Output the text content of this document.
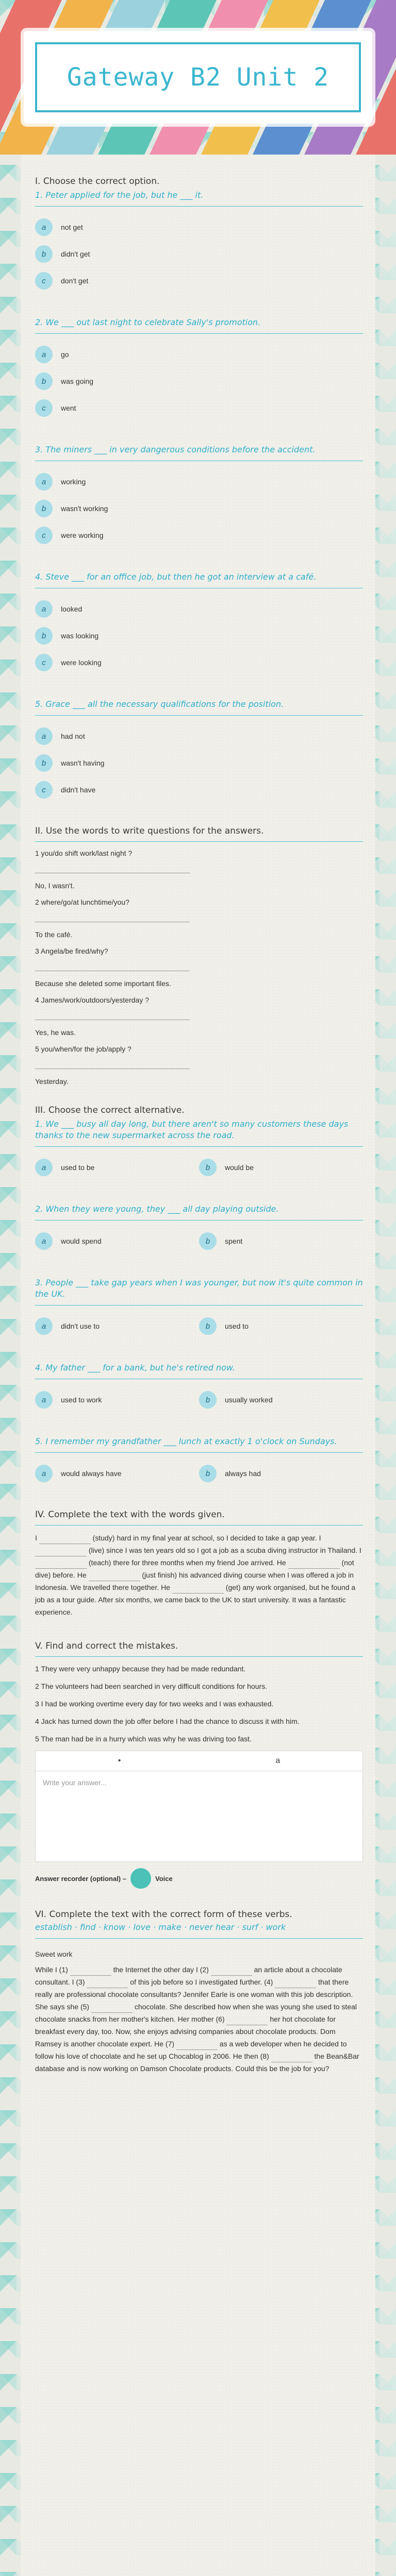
Gateway B2 Unit 2
I. Choose the correct option.
1. Peter applied for the job, but he ___ it.
a	not get
b	didn't get
c	don't get
2. We ___ out last night to celebrate Sally's promotion.
a	go
b	was going
c	went
3. The miners ___ in very dangerous conditions before the accident.
a	working
b	wasn't working
c	were working
4. Steve ___ for an office job, but then he got an interview at a café.
a	looked
b	was looking
c	were looking
5. Grace ___ all the necessary qualifications for the position.
a	had not
b	wasn't having
c	didn't have
II. Use the words to write questions for the answers.
1 you/do shift work/last night ?
No, I wasn't.
2 where/go/at lunchtime/you?
To the café.
3 Angela/be fired/why?
Because she deleted some important files.
4 James/work/outdoors/yesterday ?
Yes, he was.
5 you/when/for the job/apply ?
Yesterday.
III. Choose the correct alternative.
1. We ___ busy all day long, but there aren't so many customers these days thanks to the new supermarket across the road.
a	used to be	b	would be
2. When they were young, they ___ all day playing outside.
a	would spend	b	spent
3. People ___ take gap years when I was younger, but now it's quite common in the UK.
a	didn't use to	b	used to
4. My father ___ for a bank, but he's retired now.
a	used to work	b	usually worked
5. I remember my grandfather ___ lunch at exactly 1 o'clock on Sundays.
a	would always have	b	always had
IV. Complete the text with the words given.
I	(study) hard in my final year at school, so I decided to take a gap year. I  (live) since I was ten years old so I got a job as a scuba diving instructor in Thailand. I  (teach) there for three months when my friend Joe arrived. He	(not dive) before. He	(just finish) his advanced diving course when I was offered a job in Indonesia. We travelled there together. He	(get) any work organised, but he found a job as a tour guide. After six months, we came back to the UK to start university. It was a fantastic experience.
V. Find and correct the mistakes.
1 They were very unhappy because they had be made redundant.
2 The volunteers had been searched in very difficult conditions for hours.
3 I had be working overtime every day for two weeks and I was exhausted.
4 Jack has turned down the job offer before I had the chance to discuss it with him.
5 The man had be in a hurry which was why he was driving too fast.
•	a
Write your answer...
Answer recorder (optional) –	Voice
VI. Complete the text with the correct form of these verbs.
establish · find · know · love · make · never hear · surf · work
Sweet work
While I (1)	the Internet the other day I (2)	an article about a chocolate consultant. I (3)	of this job before so I investigated further. (4)	that there really are professional chocolate consultants? Jennifer Earle is one woman with this job description. She says she (5)	chocolate. She described how when she was young she used to steal chocolate snacks from her mother's kitchen. Her mother (6)	her hot chocolate for breakfast every day, too. Now, she enjoys advising companies about chocolate products. Dom Ramsey is another chocolate expert. He (7)	as a web developer when he decided to follow his love of chocolate and he set up Chocablog in 2006. He then (8)	the Bean&Bar database and is now working on Damson Chocolate products. Could this be the job for you?
